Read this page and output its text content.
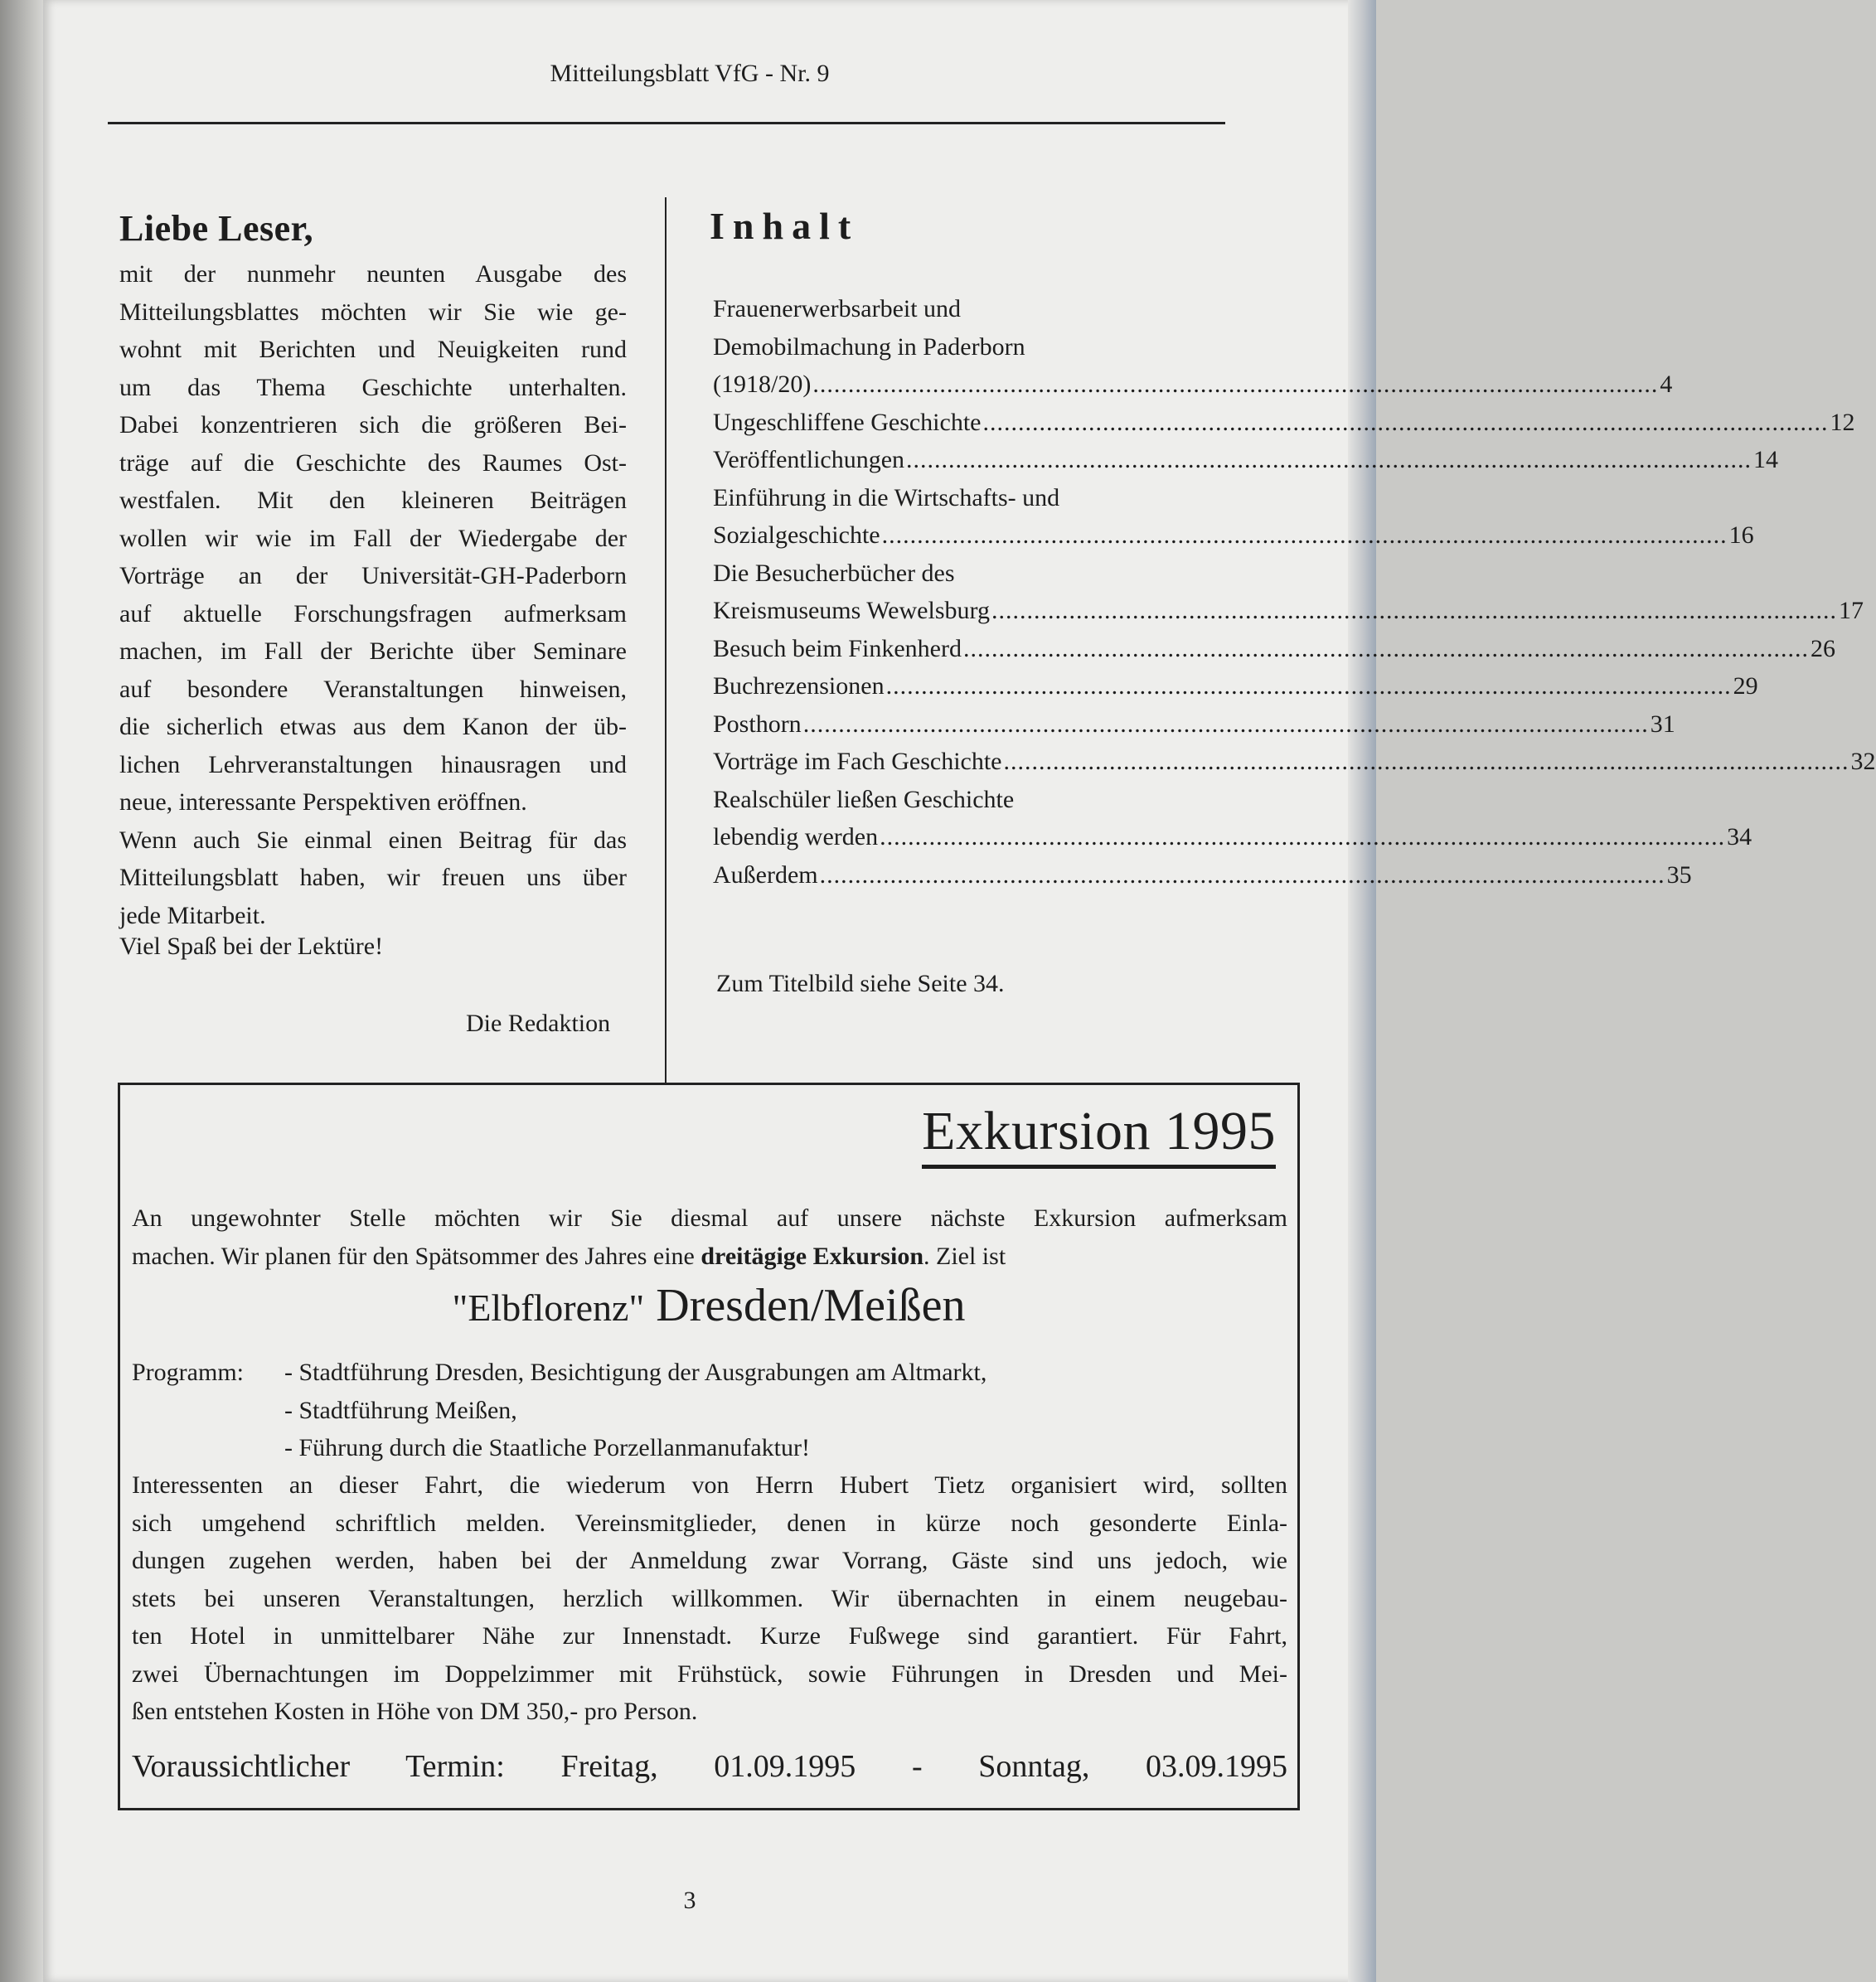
Mitteilungsblatt VfG - Nr. 9
Liebe Leser,
mit der nunmehr neunten Ausgabe des
Mitteilungsblattes möchten wir Sie wie ge-
wohnt mit Berichten und Neuigkeiten rund
um das Thema Geschichte unterhalten.
Dabei konzentrieren sich die größeren Bei-
träge auf die Geschichte des Raumes Ost-
westfalen. Mit den kleineren Beiträgen
wollen wir wie im Fall der Wiedergabe der
Vorträge an der Universität-GH-Paderborn
auf aktuelle Forschungsfragen aufmerksam
machen, im Fall der Berichte über Seminare
auf besondere Veranstaltungen hinweisen,
die sicherlich etwas aus dem Kanon der üb-
lichen Lehrveranstaltungen hinausragen und
neue, interessante Perspektiven eröffnen.
Wenn auch Sie einmal einen Beitrag für das
Mitteilungsblatt haben, wir freuen uns über
jede Mitarbeit.
Viel Spaß bei der Lektüre!
Die Redaktion
Inhalt
Frauenerwerbsarbeit und
Demobilmachung in Paderborn
(1918/20) ........................................................................................................................ 4
Ungeschliffene Geschichte ........................................................................................................................ 12
Veröffentlichungen ........................................................................................................................ 14
Einführung in die Wirtschafts- und
Sozialgeschichte ........................................................................................................................ 16
Die Besucherbücher des
Kreismuseums Wewelsburg ........................................................................................................................ 17
Besuch beim Finkenherd ........................................................................................................................ 26
Buchrezensionen ........................................................................................................................ 29
Posthorn ........................................................................................................................ 31
Vorträge im Fach Geschichte ........................................................................................................................ 32
Realschüler ließen Geschichte
lebendig werden ........................................................................................................................ 34
Außerdem ........................................................................................................................ 35
Zum Titelbild siehe Seite 34.
Exkursion 1995
An ungewohnter Stelle möchten wir Sie diesmal auf unsere nächste Exkursion aufmerksam
machen. Wir planen für den Spätsommer des Jahres eine dreitägige Exkursion. Ziel ist
"Elbflorenz" Dresden/Meißen
Programm:	- Stadtführung Dresden, Besichtigung der Ausgrabungen am Altmarkt,
- Stadtführung Meißen,
- Führung durch die Staatliche Porzellanmanufaktur!
Interessenten an dieser Fahrt, die wiederum von Herrn Hubert Tietz organisiert wird, sollten
sich umgehend schriftlich melden. Vereinsmitglieder, denen in kürze noch gesonderte Einla-
dungen zugehen werden, haben bei der Anmeldung zwar Vorrang, Gäste sind uns jedoch, wie
stets bei unseren Veranstaltungen, herzlich willkommen. Wir übernachten in einem neugebau-
ten Hotel in unmittelbarer Nähe zur Innenstadt. Kurze Fußwege sind garantiert. Für Fahrt,
zwei Übernachtungen im Doppelzimmer mit Frühstück, sowie Führungen in Dresden und Mei-
ßen entstehen Kosten in Höhe von DM 350,- pro Person.
Voraussichtlicher Termin: Freitag, 01.09.1995 - Sonntag, 03.09.1995
3
